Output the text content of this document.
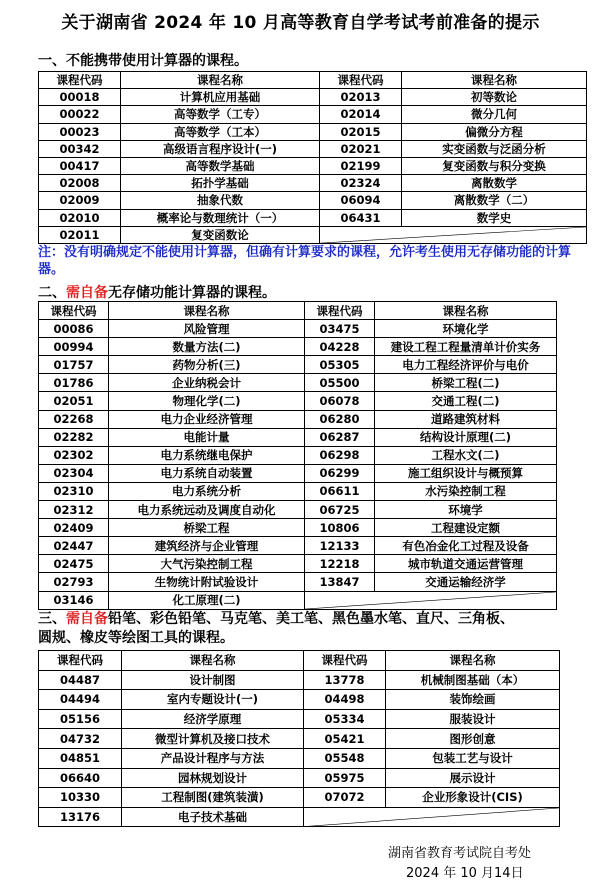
关于湖南省 2024 年 10 月高等教育自学考试考前准备的提示
一、不能携带使用计算器的课程。
课程代码	课程名称	课程代码	课程名称
00018	计算机应用基础	02013	初等数论
00022	高等数学（工专）	02014	微分几何
00023	高等数学（工本）	02015	偏微分方程
00342	高级语言程序设计(一)	02021	实变函数与泛函分析
00417	高等数学基础	02199	复变函数与积分变换
02008	拓扑学基础	02324	离散数学
02009	抽象代数	06094	离散数学（二）
02010	概率论与数理统计（一）	06431	数学史
02011	复变函数论	
注：没有明确规定不能使用计算器，但确有计算要求的课程，允许考生使用无存储功能的计算器。
二、需自备无存储功能计算器的课程。
课程代码	课程名称	课程代码	课程名称
00086	风险管理	03475	环境化学
00994	数量方法(二)	04228	建设工程工程量清单计价实务
01757	药物分析(三)	05305	电力工程经济评价与电价
01786	企业纳税会计	05500	桥梁工程(二)
02051	物理化学(二)	06078	交通工程(二)
02268	电力企业经济管理	06280	道路建筑材料
02282	电能计量	06287	结构设计原理(二)
02302	电力系统继电保护	06298	工程水文(二)
02304	电力系统自动装置	06299	施工组织设计与概预算
02310	电力系统分析	06611	水污染控制工程
02312	电力系统远动及调度自动化	06725	环境学
02409	桥梁工程	10806	工程建设定额
02447	建筑经济与企业管理	12133	有色冶金化工过程及设备
02475	大气污染控制工程	12218	城市轨道交通运营管理
02793	生物统计附试验设计	13847	交通运输经济学
03146	化工原理(二)	
三、需自备铅笔、彩色铅笔、马克笔、美工笔、黑色墨水笔、直尺、三角板、
圆规、橡皮等绘图工具的课程。
课程代码	课程名称	课程代码	课程名称
04487	设计制图	13778	机械制图基础（本）
04494	室内专题设计(一)	04498	装饰绘画
05156	经济学原理	05334	服装设计
04732	微型计算机及接口技术	05421	图形创意
04851	产品设计程序与方法	05548	包装工艺与设计
06640	园林规划设计	05975	展示设计
10330	工程制图(建筑装潢)	07072	企业形象设计(CIS)
13176	电子技术基础	
湖南省教育考试院自考处
2024 年 10 月14日
